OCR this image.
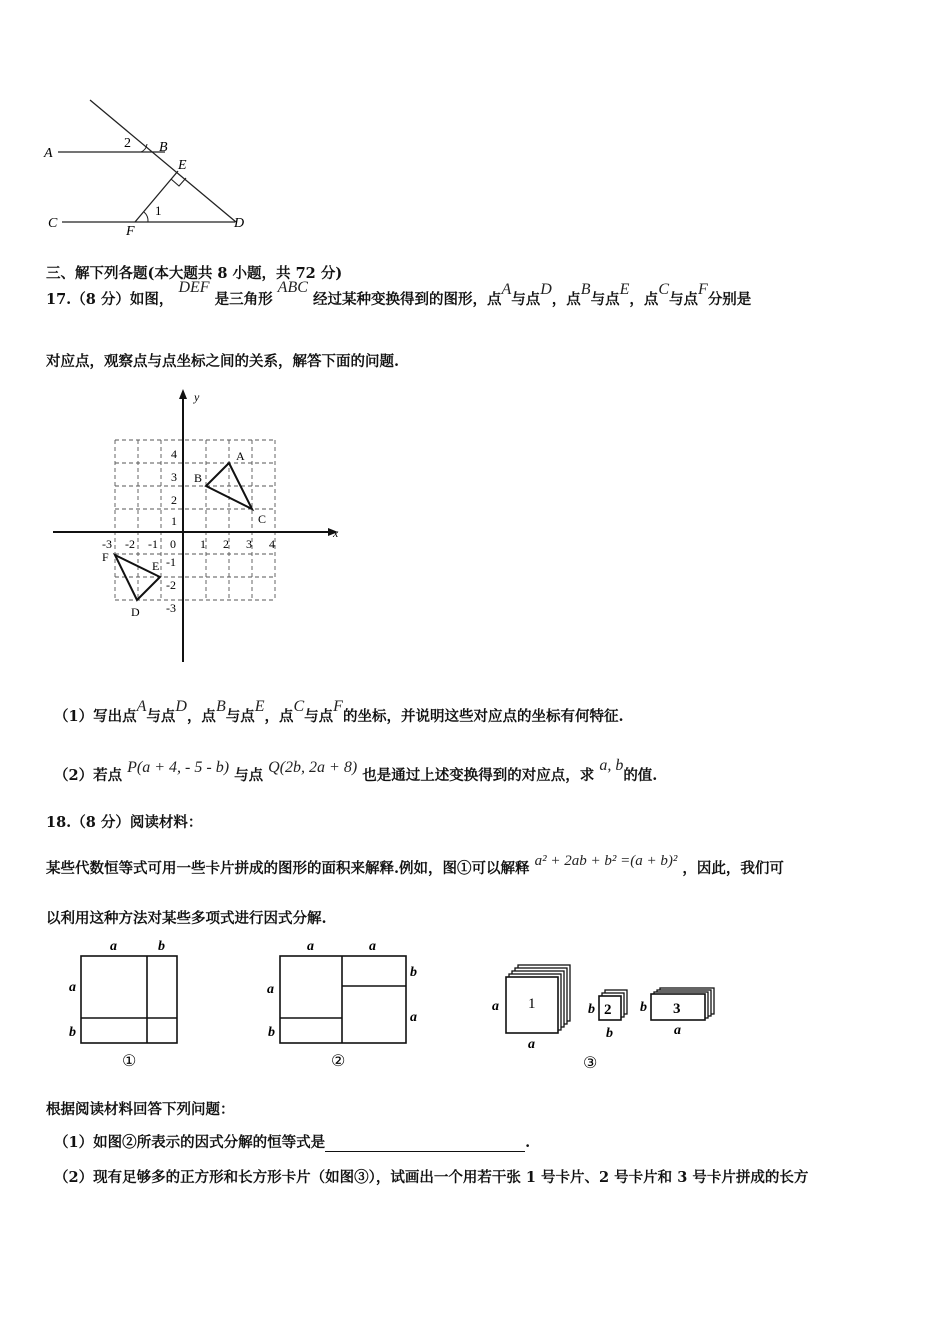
A
2 B
E
1
C
F
D
三、解下列各题(本大题共 8 小题，共 72 分)
17.（8 分）如图， DEF 是三角形 ABC 经过某种变换得到的图形，点A与点D，点B与点E，点C与点F分别是
对应点，观察点与点坐标之间的关系，解答下面的问题.
x
y
0
-3 -2 -1	1 2 3 4
4
3
2
1
-1
-2
-3
A
B
C
F
E
D
（1）写出点A与点D，点B与点E，点C与点F的坐标，并说明这些对应点的坐标有何特征.
（2）若点 P(a + 4, - 5 - b) 与点 Q(2b, 2a + 8) 也是通过上述变换得到的对应点，求 a, b的值.
18.（8 分）阅读材料：
某些代数恒等式可用一些卡片拼成的图形的面积来解释.例如，图①可以解释 a² + 2ab + b² =(a + b)² ，因此，我们可
以利用这种方法对某些多项式进行因式分解.
a	b
a
b
①
a	a
a
b
b
a
②
1
a
a
2
b
b
3
b
a
③
根据阅读材料回答下列问题：
（1）如图②所表示的因式分解的恒等式是	.
（2）现有足够多的正方形和长方形卡片（如图③），试画出一个用若干张 1 号卡片、2 号卡片和 3 号卡片拼成的长方
